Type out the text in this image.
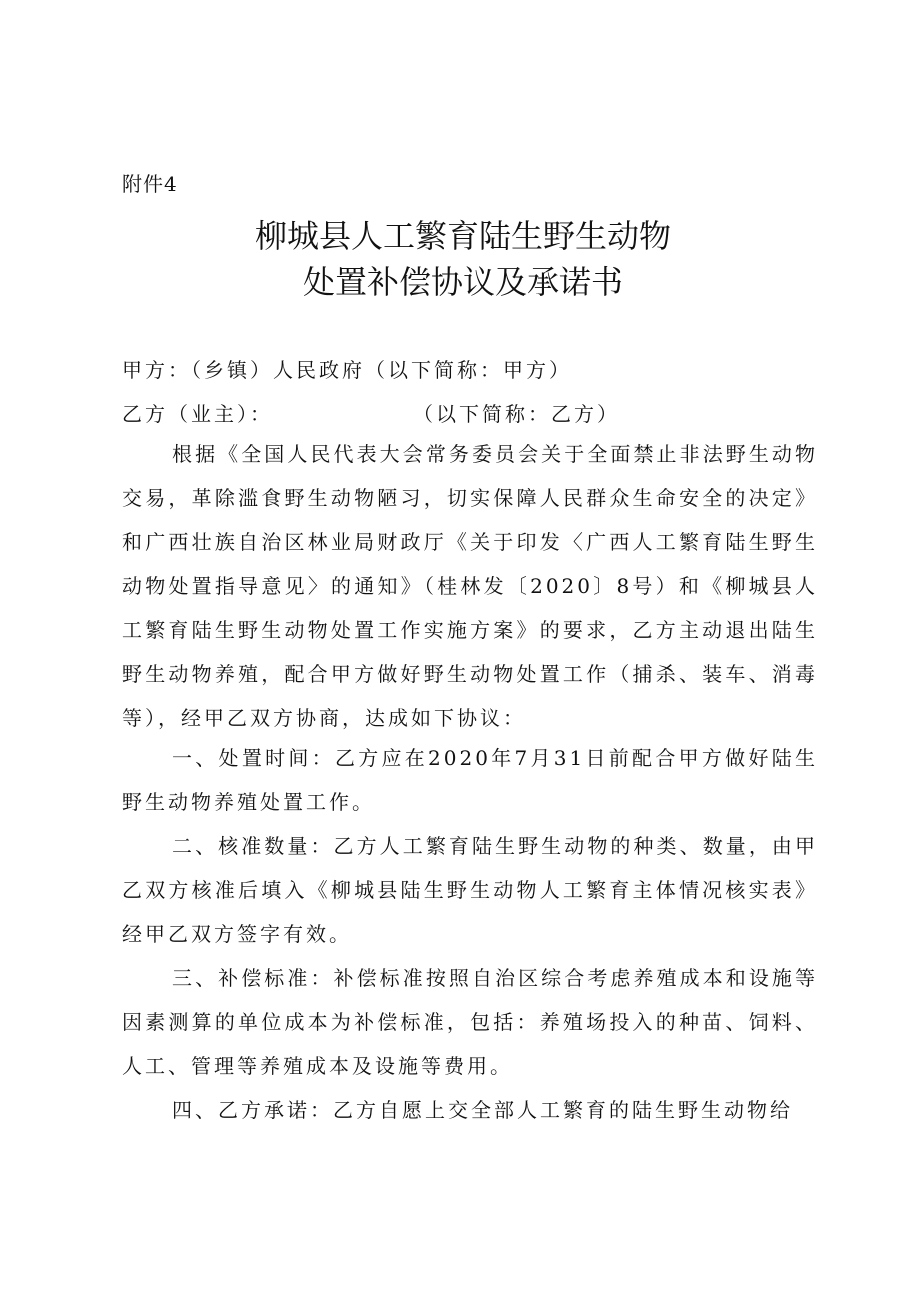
附件4
柳城县人工繁育陆生野生动物
处置补偿协议及承诺书
甲方：（乡镇）人民政府（以下简称：甲方）
乙方（业主）：	（以下简称：乙方）

根据《全国人民代表大会常务委员会关于全面禁止非法野生动物交易，革除滥食野生动物陋习，切实保障人民群众生命安全的决定》和广西壮族自治区林业局财政厅《关于印发〈广西人工繁育陆生野生动物处置指导意见〉的通知》（桂林发〔2020〕8号）和《柳城县人工繁育陆生野生动物处置工作实施方案》的要求，乙方主动退出陆生野生动物养殖，配合甲方做好野生动物处置工作（捕杀、装车、消毒等），经甲乙双方协商，达成如下协议：

一、处置时间：乙方应在2020年7月31日前配合甲方做好陆生野生动物养殖处置工作。

二、核准数量：乙方人工繁育陆生野生动物的种类、数量，由甲乙双方核准后填入《柳城县陆生野生动物人工繁育主体情况核实表》经甲乙双方签字有效。

三、补偿标准：补偿标准按照自治区综合考虑养殖成本和设施等因素测算的单位成本为补偿标准，包括：养殖场投入的种苗、饲料、人工、管理等养殖成本及设施等费用。

四、乙方承诺：乙方自愿上交全部人工繁育的陆生野生动物给
